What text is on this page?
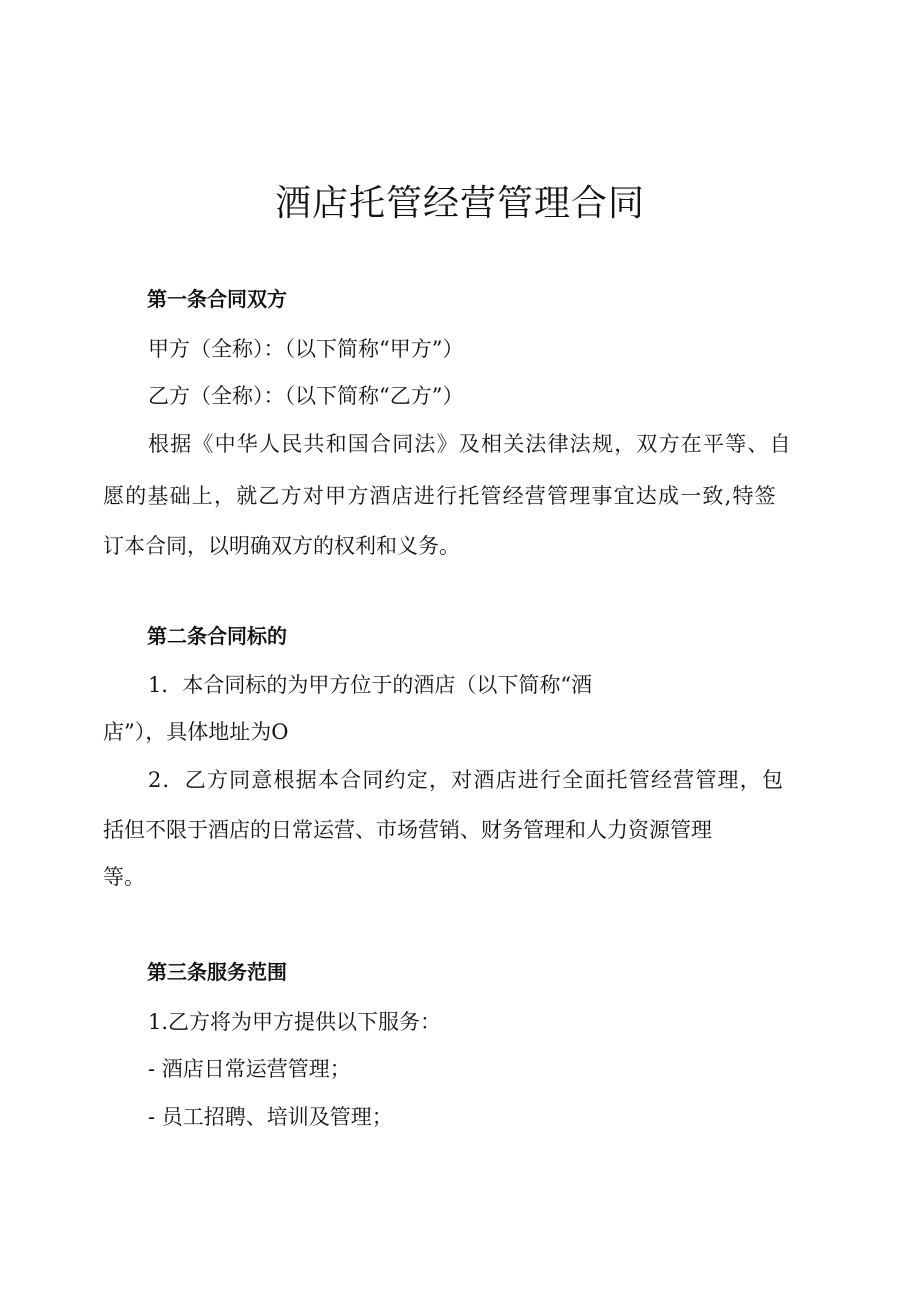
酒店托管经营管理合同

第一条合同双方

甲方（全称）：（以下简称“甲方”）

乙方（全称）：（以下简称“乙方”）

根据《中华人民共和国合同法》及相关法律法规，双方在平等、自

愿的基础上，就乙方对甲方酒店进行托管经营管理事宜达成一致,特签

订本合同，以明确双方的权利和义务。

第二条合同标的

1．本合同标的为甲方位于的酒店（以下简称“酒

店”），具体地址为O

2．乙方同意根据本合同约定，对酒店进行全面托管经营管理，包

括但不限于酒店的日常运营、市场营销、财务管理和人力资源管理

等。

第三条服务范围

1.乙方将为甲方提供以下服务：

- 酒店日常运营管理；

- 员工招聘、培训及管理；
